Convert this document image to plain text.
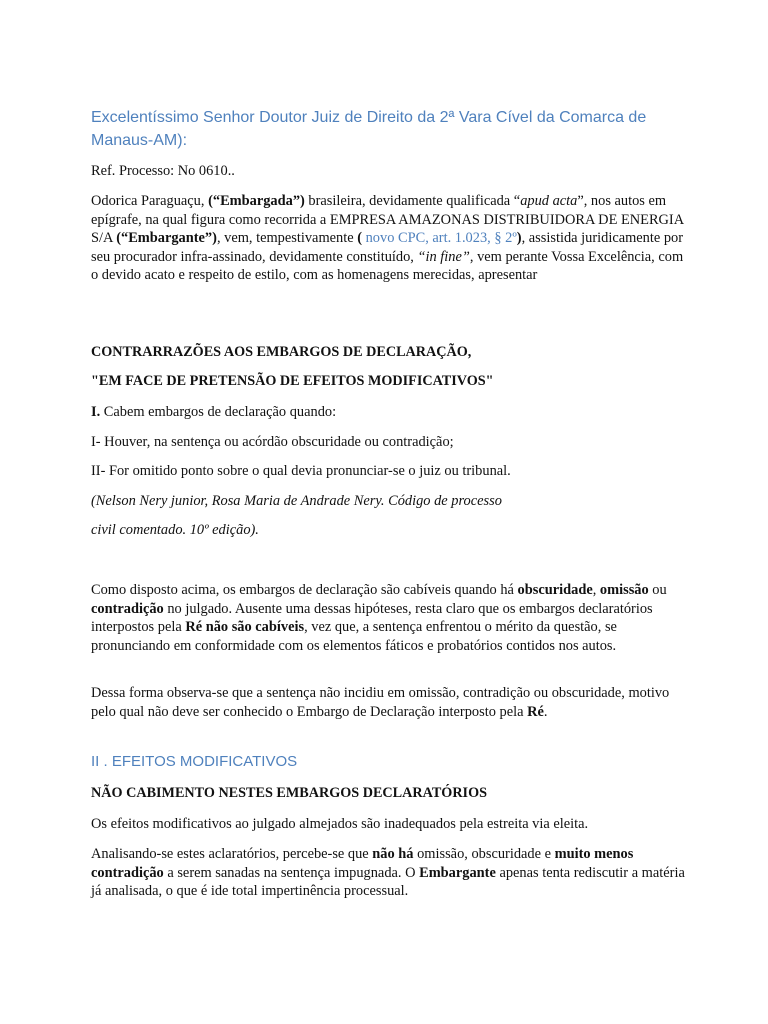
Excelentíssimo Senhor Doutor Juiz de Direito da 2ª Vara Cível da Comarca de Manaus-AM):
Ref. Processo: No 0610..
Odorica Paraguaçu, (“Embargada”) brasileira, devidamente qualificada “apud acta”, nos autos em epígrafe, na qual figura como recorrida a EMPRESA AMAZONAS DISTRIBUIDORA DE ENERGIA S/A (“Embargante”), vem, tempestivamente ( novo CPC, art. 1.023, § 2º), assistida juridicamente por seu procurador infra-assinado, devidamente constituído, “in fine”, vem perante Vossa Excelência, com o devido acato e respeito de estilo, com as homenagens merecidas, apresentar
CONTRARRAZÕES AOS EMBARGOS DE DECLARAÇÃO,
"EM FACE DE PRETENSÃO DE EFEITOS MODIFICATIVOS"
I. Cabem embargos de declaração quando:
I- Houver, na sentença ou acórdão obscuridade ou contradição;
II- For omitido ponto sobre o qual devia pronunciar-se o juiz ou tribunal.
(Nelson Nery junior, Rosa Maria de Andrade Nery. Código de processo
civil comentado. 10º edição).
Como disposto acima, os embargos de declaração são cabíveis quando há obscuridade, omissão ou contradição no julgado. Ausente uma dessas hipóteses, resta claro que os embargos declaratórios interpostos pela Ré não são cabíveis, vez que, a sentença enfrentou o mérito da questão, se pronunciando em conformidade com os elementos fáticos e probatórios contidos nos autos.
Dessa forma observa-se que a sentença não incidiu em omissão, contradição ou obscuridade, motivo pelo qual não deve ser conhecido o Embargo de Declaração interposto pela Ré.
II . EFEITOS MODIFICATIVOS
NÃO CABIMENTO NESTES EMBARGOS DECLARATÓRIOS
Os efeitos modificativos ao julgado almejados são inadequados pela estreita via eleita.
Analisando-se estes aclaratórios, percebe-se que não há omissão, obscuridade e muito menos contradição a serem sanadas na sentença impugnada. O Embargante apenas tenta rediscutir a matéria já analisada, o que é ide total impertinência processual.
